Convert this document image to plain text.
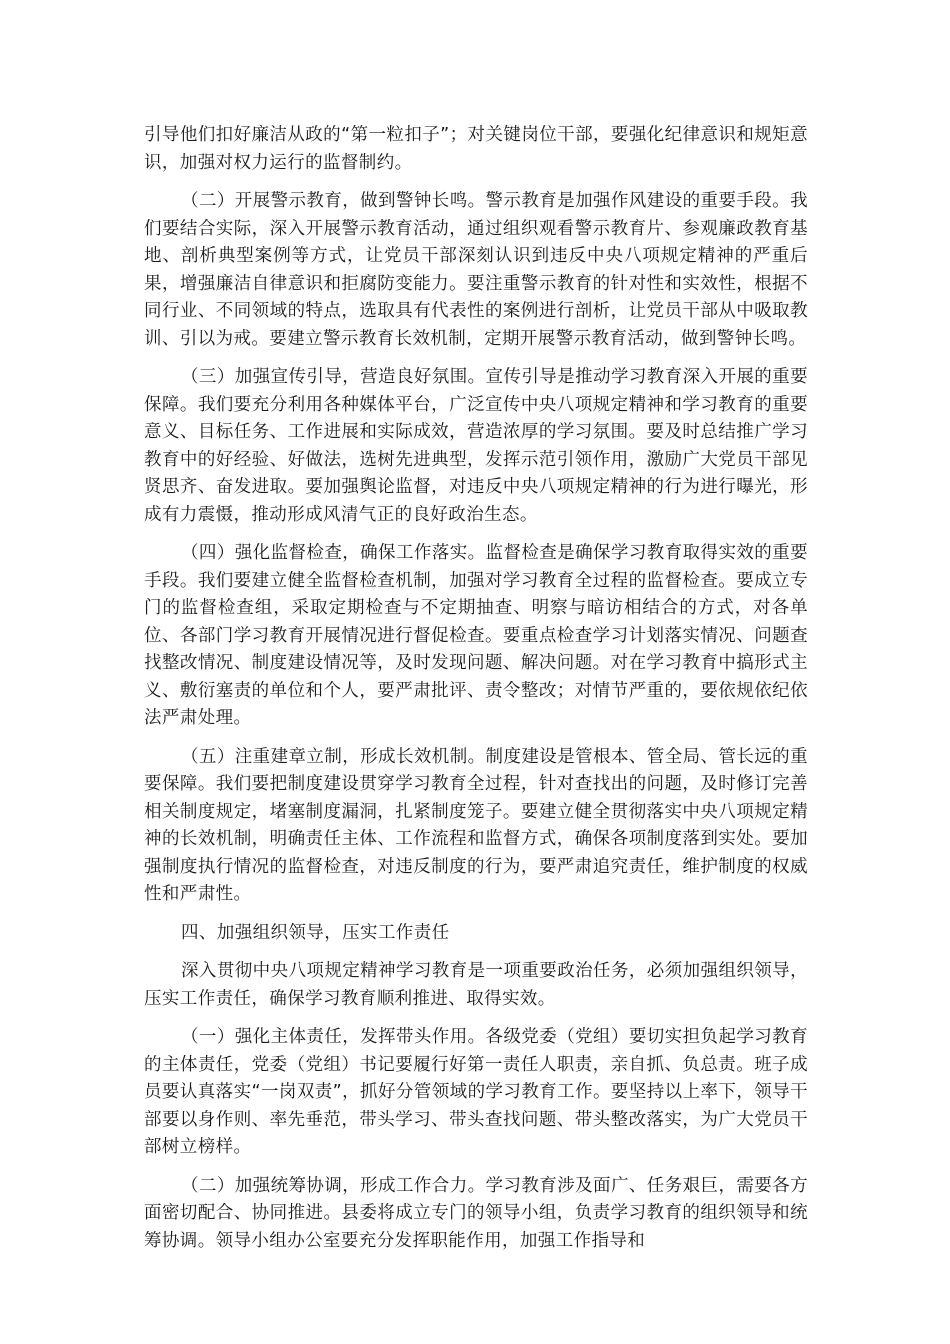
引导他们扣好廉洁从政的“第一粒扣子”；对关键岗位干部，要强化纪律意识和规矩意识，加强对权力运行的监督制约。

（二）开展警示教育，做到警钟长鸣。警示教育是加强作风建设的重要手段。我们要结合实际，深入开展警示教育活动，通过组织观看警示教育片、参观廉政教育基地、剖析典型案例等方式，让党员干部深刻认识到违反中央八项规定精神的严重后果，增强廉洁自律意识和拒腐防变能力。要注重警示教育的针对性和实效性，根据不同行业、不同领域的特点，选取具有代表性的案例进行剖析，让党员干部从中吸取教训、引以为戒。要建立警示教育长效机制，定期开展警示教育活动，做到警钟长鸣。

（三）加强宣传引导，营造良好氛围。宣传引导是推动学习教育深入开展的重要保障。我们要充分利用各种媒体平台，广泛宣传中央八项规定精神和学习教育的重要意义、目标任务、工作进展和实际成效，营造浓厚的学习氛围。要及时总结推广学习教育中的好经验、好做法，选树先进典型，发挥示范引领作用，激励广大党员干部见贤思齐、奋发进取。要加强舆论监督，对违反中央八项规定精神的行为进行曝光，形成有力震慑，推动形成风清气正的良好政治生态。

（四）强化监督检查，确保工作落实。监督检查是确保学习教育取得实效的重要手段。我们要建立健全监督检查机制，加强对学习教育全过程的监督检查。要成立专门的监督检查组，采取定期检查与不定期抽查、明察与暗访相结合的方式，对各单位、各部门学习教育开展情况进行督促检查。要重点检查学习计划落实情况、问题查找整改情况、制度建设情况等，及时发现问题、解决问题。对在学习教育中搞形式主义、敷衍塞责的单位和个人，要严肃批评、责令整改；对情节严重的，要依规依纪依法严肃处理。

（五）注重建章立制，形成长效机制。制度建设是管根本、管全局、管长远的重要保障。我们要把制度建设贯穿学习教育全过程，针对查找出的问题，及时修订完善相关制度规定，堵塞制度漏洞，扎紧制度笼子。要建立健全贯彻落实中央八项规定精神的长效机制，明确责任主体、工作流程和监督方式，确保各项制度落到实处。要加强制度执行情况的监督检查，对违反制度的行为，要严肃追究责任，维护制度的权威性和严肃性。

四、加强组织领导，压实工作责任

深入贯彻中央八项规定精神学习教育是一项重要政治任务，必须加强组织领导，压实工作责任，确保学习教育顺利推进、取得实效。

（一）强化主体责任，发挥带头作用。各级党委（党组）要切实担负起学习教育的主体责任，党委（党组）书记要履行好第一责任人职责，亲自抓、负总责。班子成员要认真落实“一岗双责”，抓好分管领域的学习教育工作。要坚持以上率下，领导干部要以身作则、率先垂范，带头学习、带头查找问题、带头整改落实，为广大党员干部树立榜样。

（二）加强统筹协调，形成工作合力。学习教育涉及面广、任务艰巨，需要各方面密切配合、协同推进。县委将成立专门的领导小组，负责学习教育的组织领导和统筹协调。领导小组办公室要充分发挥职能作用，加强工作指导和
